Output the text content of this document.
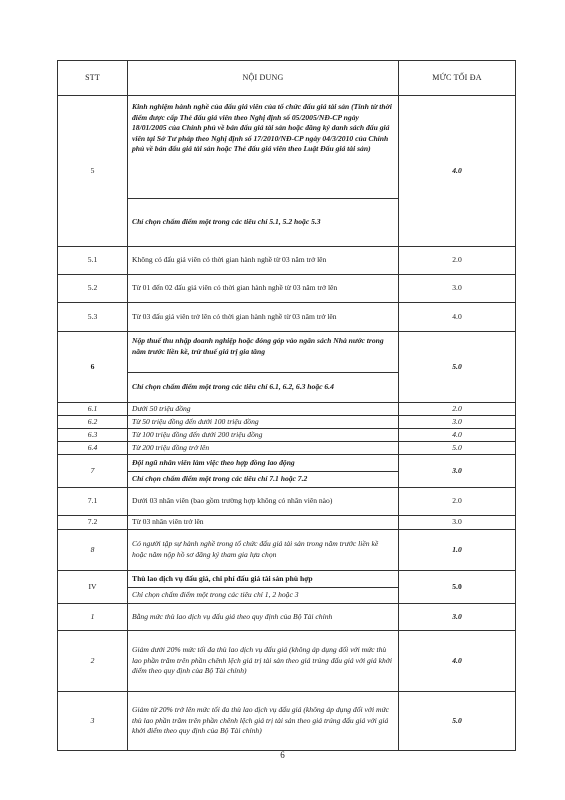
STT	NỘI DUNG	MỨC TỐI ĐA
5	Kinh nghiệm hành nghề của đấu giá viên của tổ chức đấu giá tài sản (Tính từ thời điểm được cấp Thẻ đấu giá viên theo Nghị định số 05/2005/NĐ-CP ngày 18/01/2005 của Chính phủ về bán đấu giá tài sản hoặc đăng ký danh sách đấu giá viên tại Sở Tư pháp theo Nghị định số 17/2010/NĐ-CP ngày 04/3/2010 của Chính phủ về bán đấu giá tài sản hoặc Thẻ đấu giá viên theo Luật Đấu giá tài sản)
Chỉ chọn chấm điểm một trong các tiêu chí 5.1, 5.2 hoặc 5.3	4.0
5.1	Không có đấu giá viên có thời gian hành nghề từ 03 năm trở lên	2.0
5.2	Từ 01 đến 02 đấu giá viên có thời gian hành nghề từ 03 năm trở lên	3.0
5.3	Từ 03 đấu giá viên trở lên có thời gian hành nghề từ 03 năm trở lên	4.0
6	Nộp thuế thu nhập doanh nghiệp hoặc đóng góp vào ngân sách Nhà nước trong năm trước liền kề, trừ thuế giá trị gia tăng
Chỉ chọn chấm điểm một trong các tiêu chí 6.1, 6.2, 6.3 hoặc 6.4	5.0
6.1	Dưới 50 triệu đồng	2.0
6.2	Từ 50 triệu đồng đến dưới 100 triệu đồng	3.0
6.3	Từ 100 triệu đồng đến dưới 200 triệu đồng	4.0
6.4	Từ 200 triệu đồng trở lên	5.0
7	Đội ngũ nhân viên làm việc theo hợp đồng lao động
Chỉ chọn chấm điểm một trong các tiêu chí 7.1 hoặc 7.2	3.0
7.1	Dưới 03 nhân viên (bao gồm trường hợp không có nhân viên nào)	2.0
7.2	Từ 03 nhân viên trở lên	3.0
8	Có người tập sự hành nghề trong tổ chức đấu giá tài sản trong năm trước liền kề hoặc năm nộp hồ sơ đăng ký tham gia lựa chọn	1.0
IV	Thù lao dịch vụ đấu giá, chi phí đấu giá tài sản phù hợp
Chỉ chọn chấm điểm một trong các tiêu chí 1, 2 hoặc 3	5.0
1	Bằng mức thù lao dịch vụ đấu giá theo quy định của Bộ Tài chính	3.0
2	Giảm dưới 20% mức tối đa thù lao dịch vụ đấu giá (không áp dụng đối với mức thù lao phần trăm trên phần chênh lệch giá trị tài sản theo giá trúng đấu giá với giá khởi điểm theo quy định của Bộ Tài chính)	4.0
3	Giảm từ 20% trở lên mức tối đa thù lao dịch vụ đấu giá (không áp dụng đối với mức thù lao phần trăm trên phần chênh lệch giá trị tài sản theo giá trúng đấu giá với giá khởi điểm theo quy định của Bộ Tài chính)	5.0
6
